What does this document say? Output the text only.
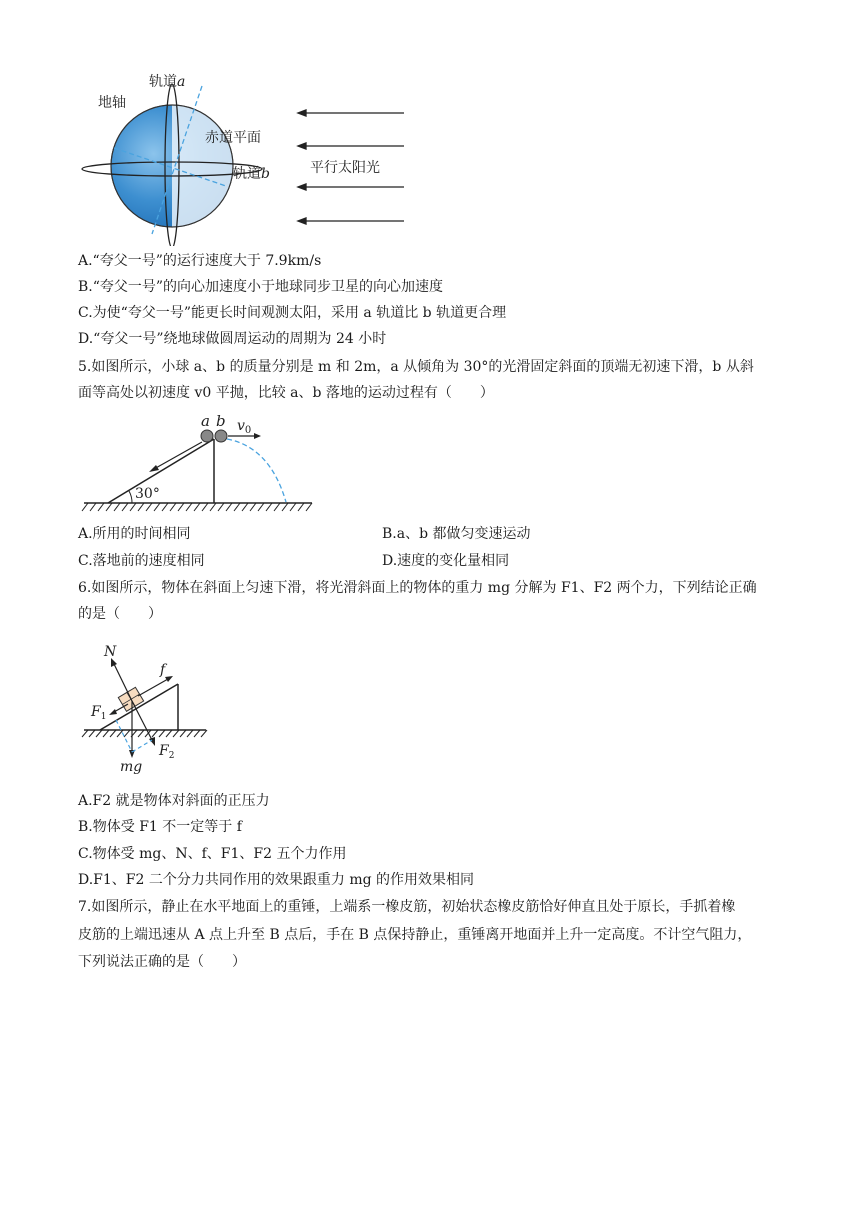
地轴
轨道a
赤道平面
轨道b	平行太阳光
A.“夸父一号”的运行速度大于 7.9km/s
B.“夸父一号”的向心加速度小于地球同步卫星的向心加速度
C.为使“夸父一号”能更长时间观测太阳，采用 a 轨道比 b 轨道更合理
D.“夸父一号”绕地球做圆周运动的周期为 24 小时
5.如图所示，小球 a、b 的质量分别是 m 和 2m，a 从倾角为 30°的光滑固定斜面的顶端无初速下滑，b 从斜
面等高处以初速度 v0 平抛，比较 a、b 落地的运动过程有（　　）
30°
a b $v_0$
A.所用的时间相同	B.a、b 都做匀变速运动
C.落地前的速度相同	D.速度的变化量相同
6.如图所示，物体在斜面上匀速下滑，将光滑斜面上的物体的重力 mg 分解为 F1、F2 两个力，下列结论正确
的是（　　）
N
f
$F_1$
mg
$F_2$
A.F2 就是物体对斜面的正压力
B.物体受 F1 不一定等于 f
C.物体受 mg、N、f、F1、F2 五个力作用
D.F1、F2 二个分力共同作用的效果跟重力 mg 的作用效果相同
7.如图所示，静止在水平地面上的重锤，上端系一橡皮筋，初始状态橡皮筋恰好伸直且处于原长，手抓着橡
皮筋的上端迅速从 A 点上升至 B 点后，手在 B 点保持静止，重锤离开地面并上升一定高度。不计空气阻力，
下列说法正确的是（　　）
